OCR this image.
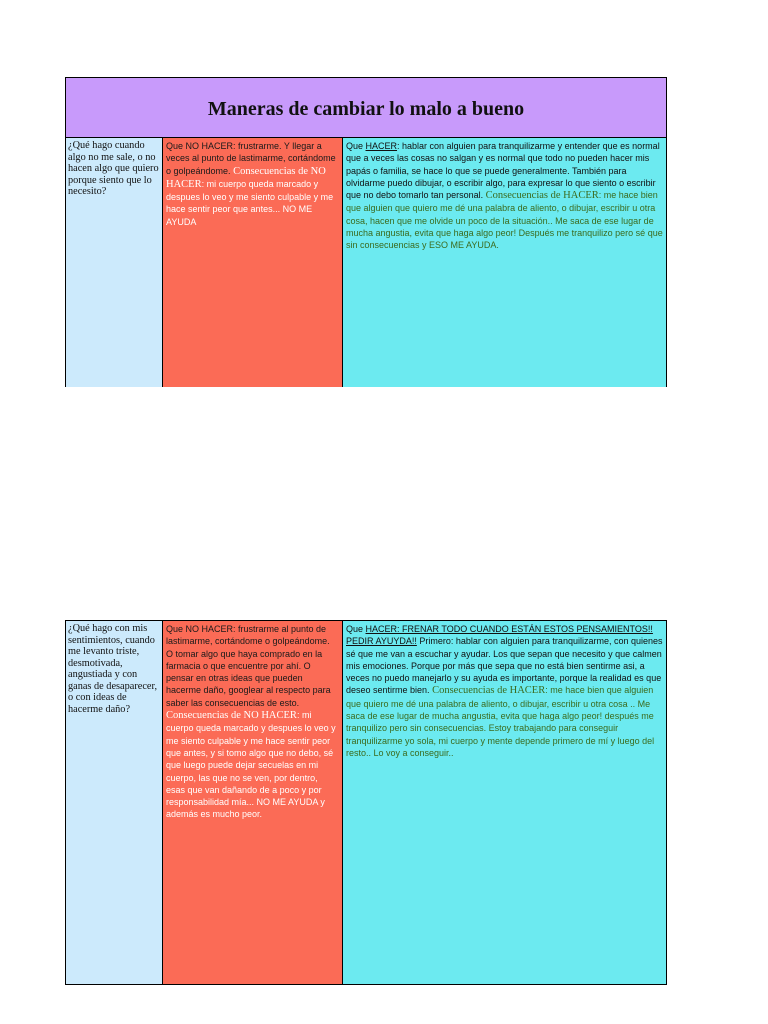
Maneras de cambiar lo malo a bueno
¿Qué hago cuando algo no me sale, o no hacen algo que quiero porque siento que lo necesito?
Que NO HACER: frustrarme. Y llegar a veces al punto de lastimarme, cortándome o golpeándome. Consecuencias de NO HACER: mi cuerpo queda marcado y despues lo veo y me siento culpable y me hace sentir peor que antes... NO ME AYUDA
Que HACER: hablar con alguien para tranquilizarme y entender que es normal que a veces las cosas no salgan y es normal que todo no pueden hacer mis papás o familia, se hace lo que se puede generalmente. También para olvidarme puedo dibujar, o escribir algo, para expresar lo que siento o escribir que no debo tomarlo tan personal. Consecuencias de HACER: me hace bien que alguien que quiero me dé una palabra de aliento, o dibujar, escribir u otra cosa, hacen que me olvide un poco de la situación.. Me saca de ese lugar de mucha angustia, evita que haga algo peor! Después me tranquilizo pero sé que sin consecuencias y ESO ME AYUDA.
¿Qué hago con mis sentimientos, cuando me levanto triste, desmotivada, angustiada y con ganas de desaparecer, o con ideas de hacerme daño?
Que NO HACER: frustrarme al punto de lastimarme, cortándome o golpeándome. O tomar algo que haya comprado en la farmacia o que encuentre por ahí. O pensar en otras ideas que pueden hacerme daño, googlear al respecto para saber las consecuencias de esto. Consecuencias de NO HACER: mi cuerpo queda marcado y despues lo veo y me siento culpable y me hace sentir peor que antes, y si tomo algo que no debo, sé que luego puede dejar secuelas en mi cuerpo, las que no se ven, por dentro, esas que van dañando de a poco y por responsabilidad mía... NO ME AYUDA y además es mucho peor.
Que HACER: FRENAR TODO CUANDO ESTÁN ESTOS PENSAMIENTOS!! PEDIR AYUYDA!! Primero: hablar con alguien para tranquilizarme, con quienes sé que me van a escuchar y ayudar. Los que sepan que necesito y que calmen mis emociones. Porque por más que sepa que no está bien sentirme asi, a veces no puedo manejarlo y su ayuda es importante, porque la realidad es que deseo sentirme bien. Consecuencias de HACER: me hace bien que alguien que quiero me dé una palabra de aliento, o dibujar, escribir u otra cosa .. Me saca de ese lugar de mucha angustia, evita que haga algo peor! después me tranquilizo pero sin consecuencias. Estoy trabajando para conseguir tranquilizarme yo sola, mi cuerpo y mente depende primero de mí y luego del resto.. Lo voy a conseguir..
